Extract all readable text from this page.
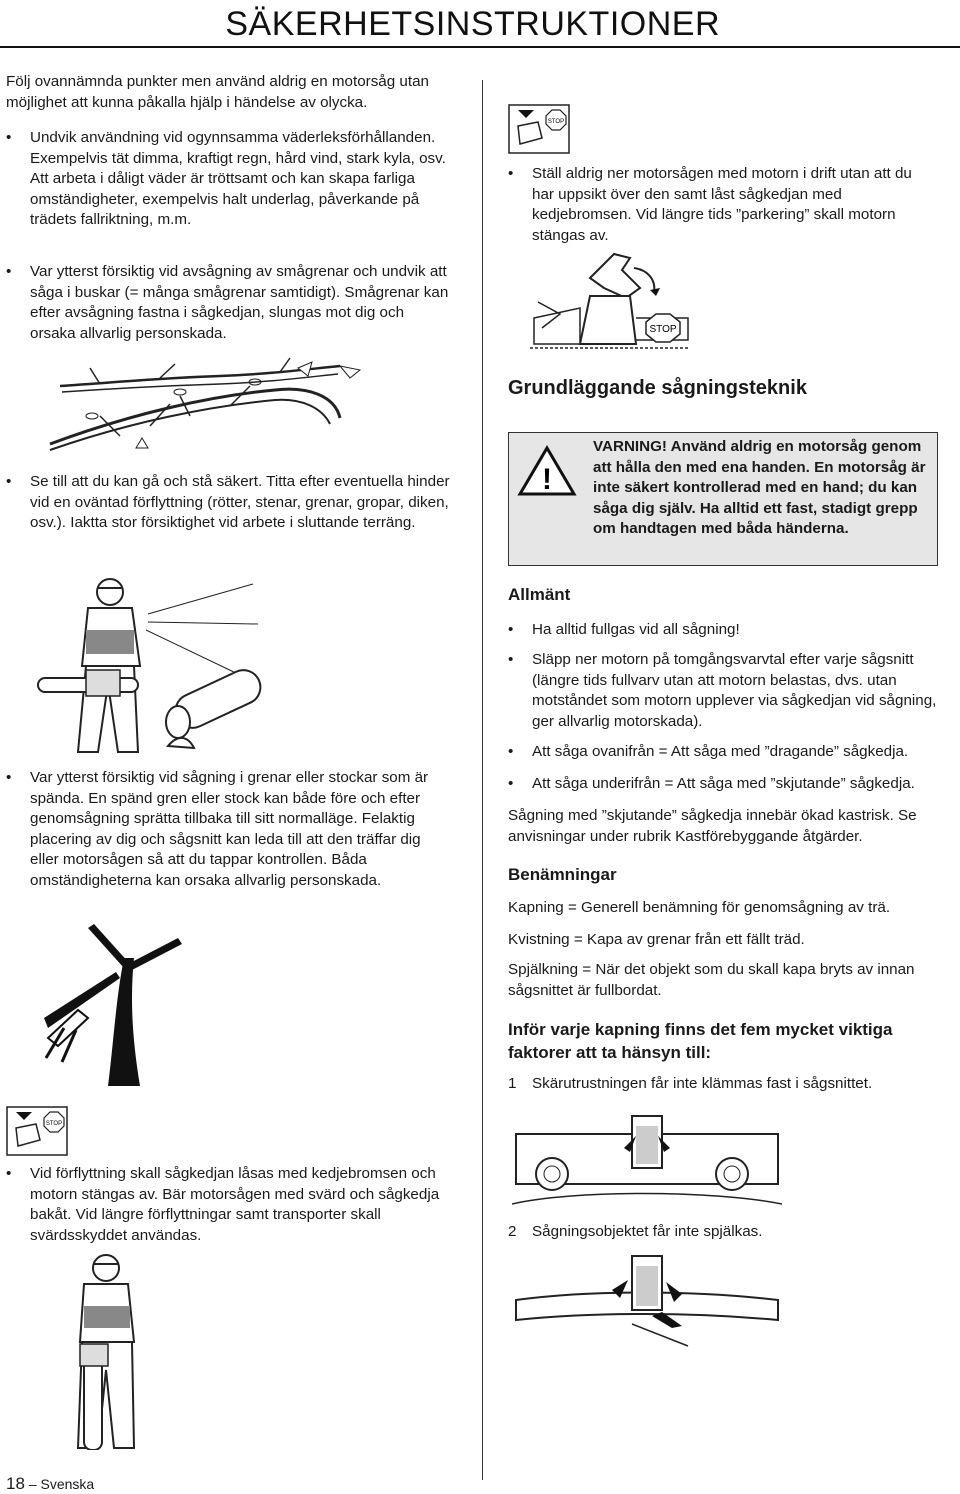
SÄKERHETSINSTRUKTIONER

Följ ovannämnda punkter men använd aldrig en motorsåg utan möjlighet att kunna påkalla hjälp i händelse av olycka.

•	Undvik användning vid ogynnsamma väderleksförhållanden. Exempelvis tät dimma, kraftigt regn, hård vind, stark kyla, osv. Att arbeta i dåligt väder är tröttsamt och kan skapa farliga omständigheter, exempelvis halt underlag, påverkande på trädets fallriktning, m.m.
•	Var ytterst försiktig vid avsågning av smågrenar och undvik att såga i buskar (= många smågrenar samtidigt). Smågrenar kan efter avsågning fastna i sågkedjan, slungas mot dig och orsaka allvarlig personskada.
•	Se till att du kan gå och stå säkert. Titta efter eventuella hinder vid en oväntad förflyttning (rötter, stenar, grenar, gropar, diken, osv.). Iaktta stor försiktighet vid arbete i sluttande terräng.
•	Var ytterst försiktig vid sågning i grenar eller stockar som är spända. En spänd gren eller stock kan både före och efter genomsågning sprätta tillbaka till sitt normalläge. Felaktig placering av dig och sågsnitt kan leda till att den träffar dig eller motorsågen så att du tappar kontrollen. Båda omständigheterna kan orsaka allvarlig personskada.
STOP
•	Vid förflyttning skall sågkedjan låsas med kedjebromsen och motorn stängas av. Bär motorsågen med svärd och sågkedja bakåt. Vid längre förflyttningar samt transporter skall svärdsskyddet användas.
STOP
•	Ställ aldrig ner motorsågen med motorn i drift utan att du har uppsikt över den samt låst sågkedjan med kedjebromsen. Vid längre tids ”parkering” skall motorn stängas av.
STOP
Grundläggande sågningsteknik
!
VARNING! Använd aldrig en motorsåg genom att hålla den med ena handen. En motorsåg är inte säkert kontrollerad med en hand; du kan såga dig själv. Ha alltid ett fast, stadigt grepp om handtagen med båda händerna.
Allmänt
•	Ha alltid fullgas vid all sågning!
•	Släpp ner motorn på tomgångsvarvtal efter varje sågsnitt (längre tids fullvarv utan att motorn belastas, dvs. utan motståndet som motorn upplever via sågkedjan vid sågning, ger allvarlig motorskada).
•	Att såga ovanifrån = Att såga med ”dragande” sågkedja.
•	Att såga underifrån = Att såga med ”skjutande” sågkedja.

Sågning med ”skjutande” sågkedja innebär ökad kastrisk. Se anvisningar under rubrik Kastförebyggande åtgärder.

Benämningar

Kapning = Generell benämning för genomsågning av trä.

Kvistning = Kapa av grenar från ett fällt träd.

Spjälkning = När det objekt som du skall kapa bryts av innan sågsnittet är fullbordat.

Inför varje kapning finns det fem mycket viktiga faktorer att ta hänsyn till:
1 Skärutrustningen får inte klämmas fast i sågsnittet.
2 Sågningsobjektet får inte spjälkas.
18 – Svenska
